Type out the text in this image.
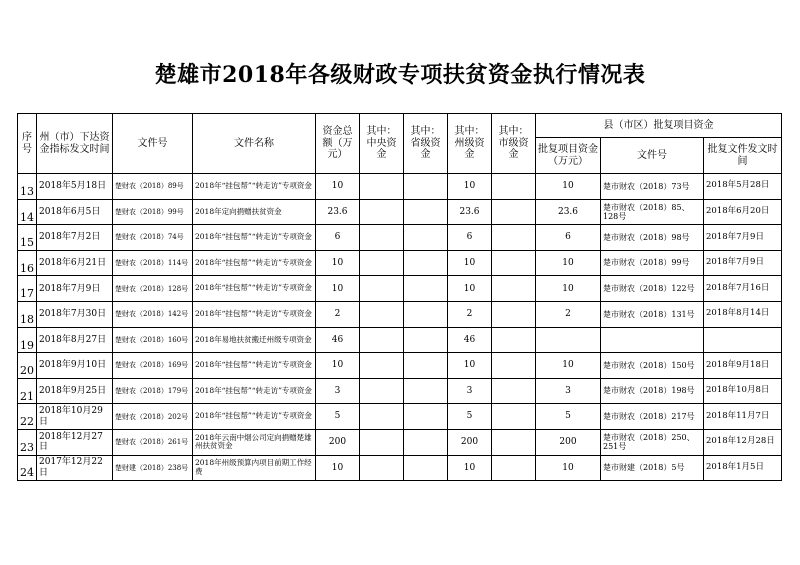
楚雄市2018年各级财政专项扶贫资金执行情况表
序号	州（市）下达资金指标发文时间	文件号	文件名称	资金总额（万元）	其中：中央资金	其中：省级资金	其中：州级资金	其中：市级资金	县（市区）批复项目资金		
									批复项目资金（万元）	文件号	批复文件发文时间
13	2018年5月18日	楚财农（2018）89号	2018年“挂包帮”“转走访”专项资金	10			10		10	楚市财农（2018）73号	2018年5月28日
14	2018年6月5日	楚财农（2018）99号	2018年定向捐赠扶贫资金	23.6			23.6		23.6	楚市财农（2018）85、128号	2018年6月20日
15	2018年7月2日	楚财农（2018）74号	2018年“挂包帮”“转走访”专项资金	6			6		6	楚市财农（2018）98号	2018年7月9日
16	2018年6月21日	楚财农（2018）114号	2018年“挂包帮”“转走访”专项资金	10			10		10	楚市财农（2018）99号	2018年7月9日
17	2018年7月9日	楚财农（2018）128号	2018年“挂包帮”“转走访”专项资金	10			10		10	楚市财农（2018）122号	2018年7月16日
18	2018年7月30日	楚财农（2018）142号	2018年“挂包帮”“转走访”专项资金	2			2		2	楚市财农（2018）131号	2018年8月14日
19	2018年8月27日	楚财农（2018）160号	2018年易地扶贫搬迁州级专项资金	46			46				
20	2018年9月10日	楚财农（2018）169号	2018年“挂包帮”“转走访”专项资金	10			10		10	楚市财农（2018）150号	2018年9月18日
21	2018年9月25日	楚财农（2018）179号	2018年“挂包帮”“转走访”专项资金	3			3		3	楚市财农（2018）198号	2018年10月8日
22	2018年10月29日	楚财农（2018）202号	2018年“挂包帮”“转走访”专项资金	5			5		5	楚市财农（2018）217号	2018年11月7日
23	2018年12月27日	楚财农（2018）261号	2018年云南中烟公司定向捐赠楚雄州扶贫资金	200			200		200	楚市财农（2018）250、251号	2018年12月28日
24	2017年12月22日	楚财建（2018）238号	2018年州级预算内项目前期工作经费	10			10		10	楚市财建（2018）5号	2018年1月5日
